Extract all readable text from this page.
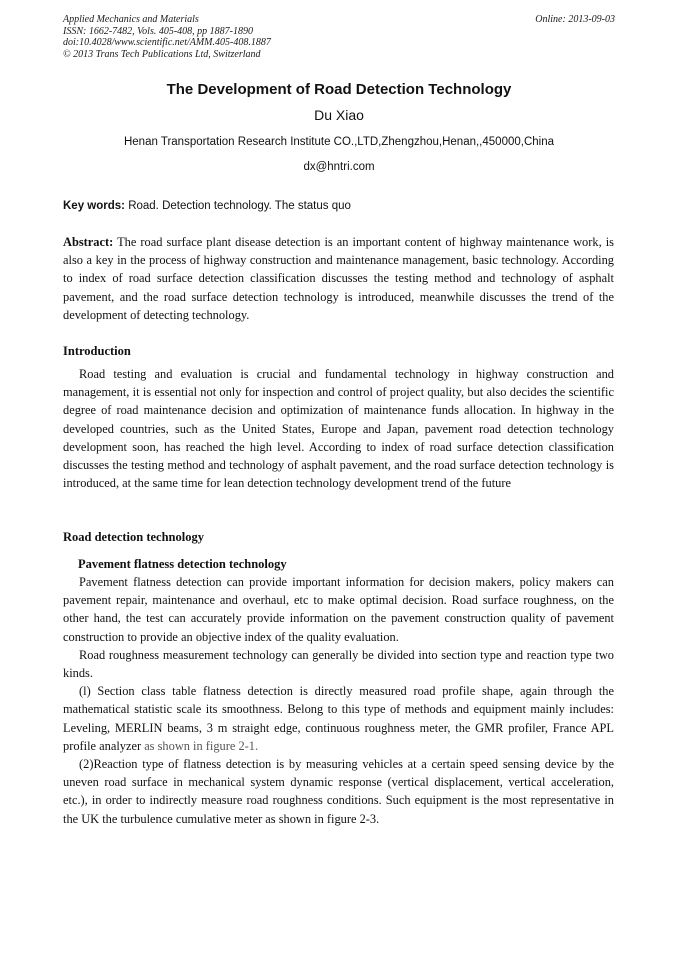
Applied Mechanics and Materials
ISSN: 1662-7482, Vols. 405-408, pp 1887-1890
doi:10.4028/www.scientific.net/AMM.405-408.1887
© 2013 Trans Tech Publications Ltd, Switzerland
Online: 2013-09-03
The Development of Road Detection Technology
Du Xiao
Henan Transportation Research Institute CO.,LTD,Zhengzhou,Henan,,450000,China
dx@hntri.com
Key words: Road. Detection technology. The status quo

Abstract: The road surface plant disease detection is an important content of highway maintenance work, is also a key in the process of highway construction and maintenance management, basic technology. According to index of road surface detection classification discusses the testing method and technology of asphalt pavement, and the road surface detection technology is introduced, meanwhile discusses the trend of the development of detecting technology.

Introduction

Road testing and evaluation is crucial and fundamental technology in highway construction and management, it is essential not only for inspection and control of project quality, but also decides the scientific degree of road maintenance decision and optimization of maintenance funds allocation. In highway in the developed countries, such as the United States, Europe and Japan, pavement road detection technology development soon, has reached the high level. According to index of road surface detection classification discusses the testing method and technology of asphalt pavement, and the road surface detection technology is introduced, at the same time for lean detection technology development trend of the future

Road detection technology
Pavement flatness detection technology

Pavement flatness detection can provide important information for decision makers, policy makers can pavement repair, maintenance and overhaul, etc to make optimal decision. Road surface roughness, on the other hand, the test can accurately provide information on the pavement construction quality of pavement construction to provide an objective index of the quality evaluation.

Road roughness measurement technology can generally be divided into section type and reaction type two kinds.

(l) Section class table flatness detection is directly measured road profile shape, again through the mathematical statistic scale its smoothness. Belong to this type of methods and equipment mainly includes: Leveling, MERLIN beams, 3 m straight edge, continuous roughness meter, the GMR profiler, France APL profile analyzer as shown in figure 2-1.

(2)Reaction type of flatness detection is by measuring vehicles at a certain speed sensing device by the uneven road surface in mechanical system dynamic response (vertical displacement, vertical acceleration, etc.), in order to indirectly measure road roughness conditions. Such equipment is the most representative in the UK the turbulence cumulative meter as shown in figure 2-3.
